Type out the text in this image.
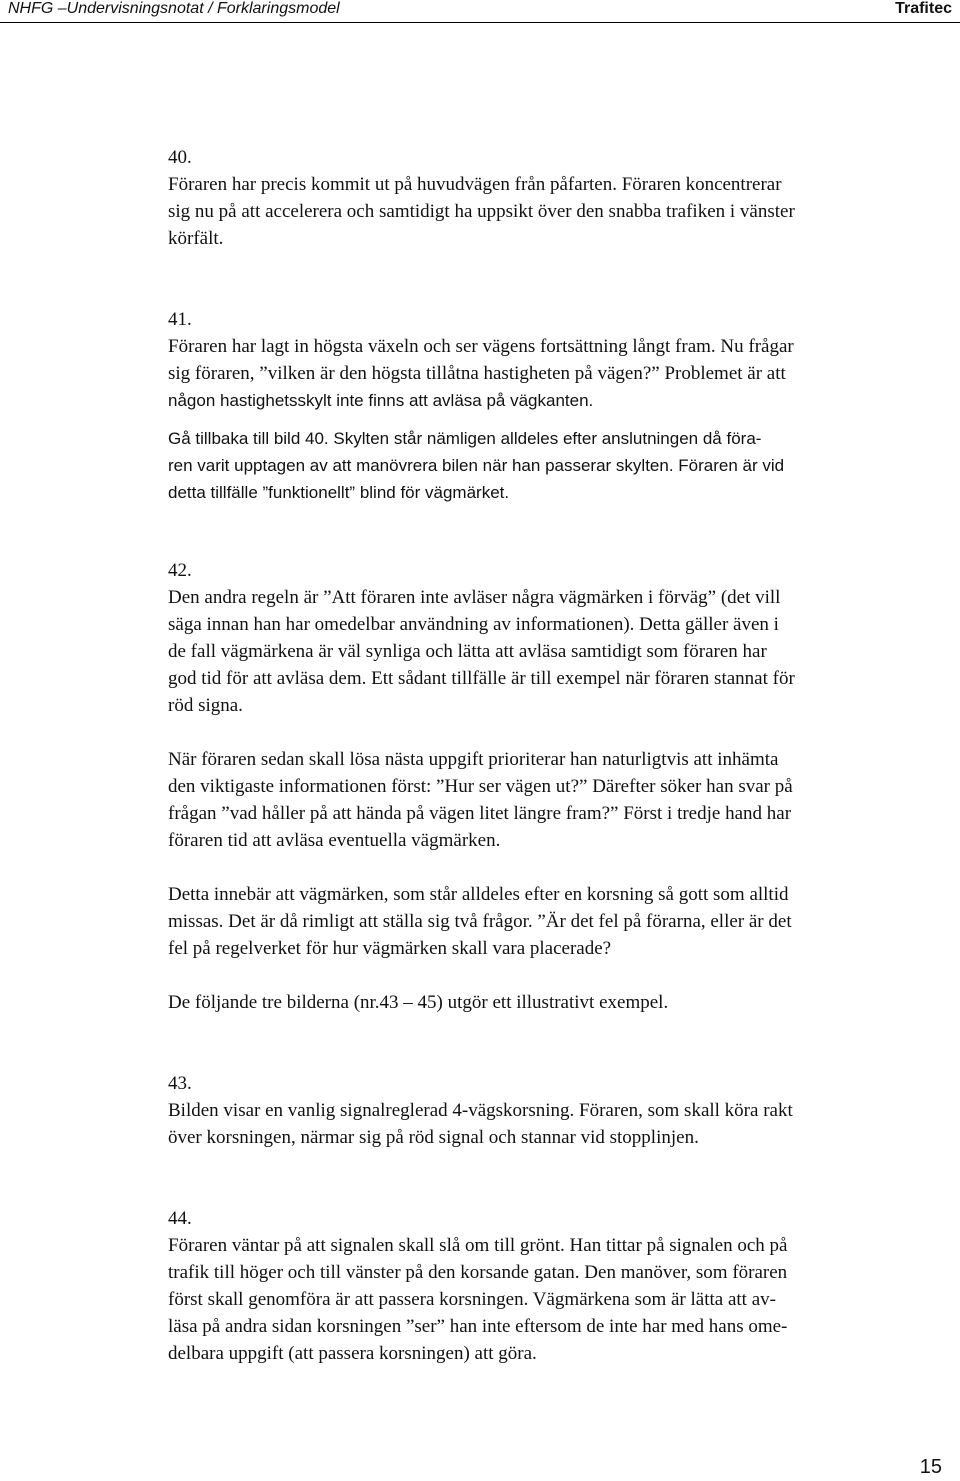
NHFG –Undervisningsnotat / Forklaringsmodel	Trafitec

40.

Föraren har precis kommit ut på huvudvägen från påfarten. Föraren koncentrerar

sig nu på att accelerera och samtidigt ha uppsikt över den snabba trafiken i vänster

körfält.

41.

Föraren har lagt in högsta växeln och ser vägens fortsättning långt fram. Nu frågar

sig föraren, ”vilken är den högsta tillåtna hastigheten på vägen?” Problemet är att

någon hastighetsskylt inte finns att avläsa på vägkanten.

Gå tillbaka till bild 40. Skylten står nämligen alldeles efter anslutningen då föra-

ren varit upptagen av att manövrera bilen när han passerar skylten. Föraren är vid

detta tillfälle ”funktionellt” blind för vägmärket.

42.

Den andra regeln är ”Att föraren inte avläser några vägmärken i förväg” (det vill

säga innan han har omedelbar användning av informationen). Detta gäller även i

de fall vägmärkena är väl synliga och lätta att avläsa samtidigt som föraren har

god tid för att avläsa dem. Ett sådant tillfälle är till exempel när föraren stannat för

röd signa.

När föraren sedan skall lösa nästa uppgift prioriterar han naturligtvis att inhämta

den viktigaste informationen först: ”Hur ser vägen ut?” Därefter söker han svar på

frågan ”vad håller på att hända på vägen litet längre fram?” Först i tredje hand har

föraren tid att avläsa eventuella vägmärken.

Detta innebär att vägmärken, som står alldeles efter en korsning så gott som alltid

missas. Det är då rimligt att ställa sig två frågor. ”Är det fel på förarna, eller är det

fel på regelverket för hur vägmärken skall vara placerade?

De följande tre bilderna (nr.43 – 45) utgör ett illustrativt exempel.

43.

Bilden visar en vanlig signalreglerad 4-vägskorsning. Föraren, som skall köra rakt

över korsningen, närmar sig på röd signal och stannar vid stopplinjen.

44.

Föraren väntar på att signalen skall slå om till grönt. Han tittar på signalen och på

trafik till höger och till vänster på den korsande gatan. Den manöver, som föraren

först skall genomföra är att passera korsningen. Vägmärkena som är lätta att av-

läsa på andra sidan korsningen ”ser” han inte eftersom de inte har med hans ome-

delbara uppgift (att passera korsningen) att göra.

15
